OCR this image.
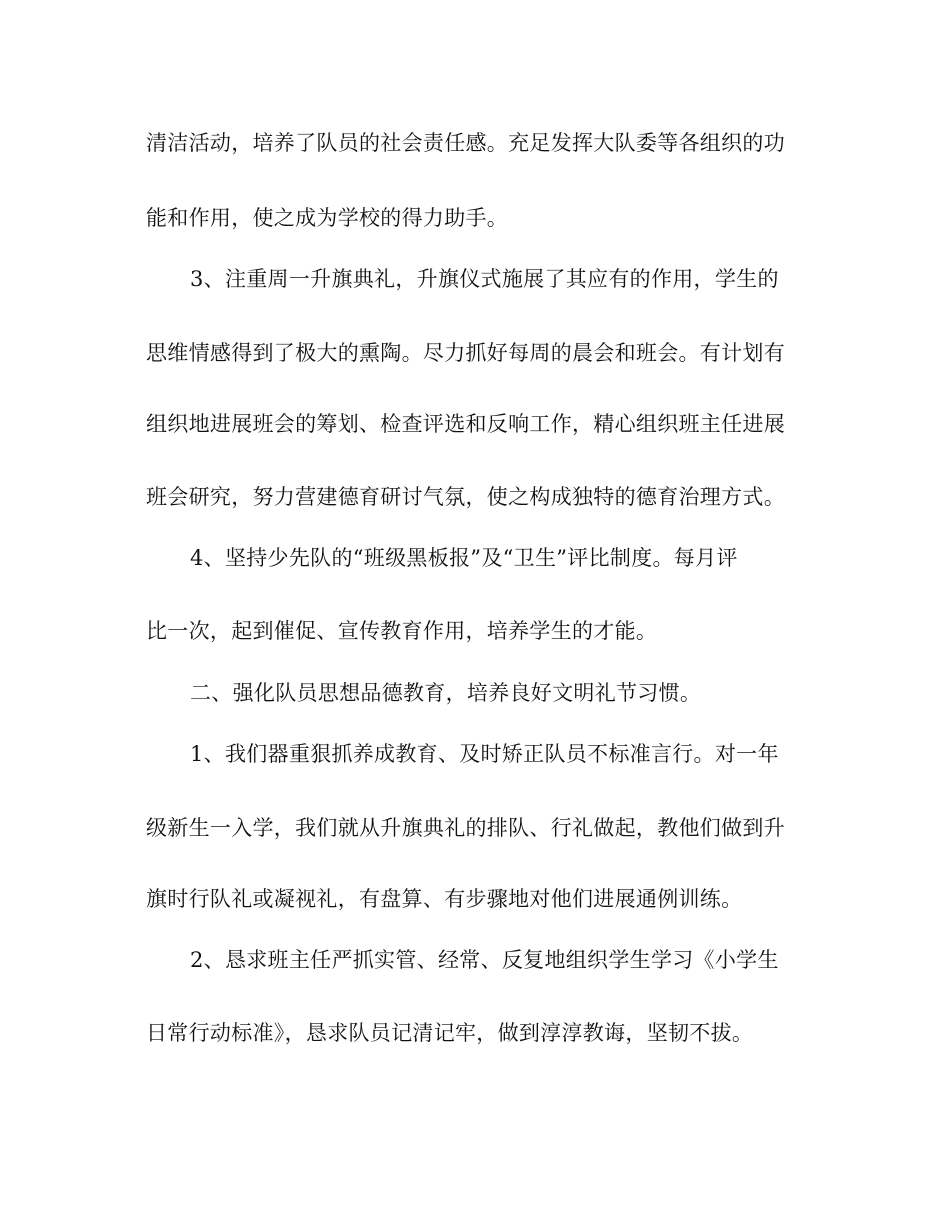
清洁活动，培养了队员的社会责任感。充足发挥大队委等各组织的功
能和作用，使之成为学校的得力助手。
3、注重周一升旗典礼，升旗仪式施展了其应有的作用，学生的
思维情感得到了极大的熏陶。尽力抓好每周的晨会和班会。有计划有
组织地进展班会的筹划、检查评选和反响工作，精心组织班主任进展
班会研究，努力营建德育研讨气氛，使之构成独特的德育治理方式。
4、坚持少先队的“班级黑板报”及“卫生”评比制度。每月评
比一次，起到催促、宣传教育作用，培养学生的才能。
二、强化队员思想品德教育，培养良好文明礼节习惯。
1、我们器重狠抓养成教育、及时矫正队员不标准言行。对一年
级新生一入学，我们就从升旗典礼的排队、行礼做起，教他们做到升
旗时行队礼或凝视礼，有盘算、有步骤地对他们进展通例训练。
2、恳求班主任严抓实管、经常、反复地组织学生学习《小学生
日常行动标准》，恳求队员记清记牢，做到淳淳教诲，坚韧不拔。
